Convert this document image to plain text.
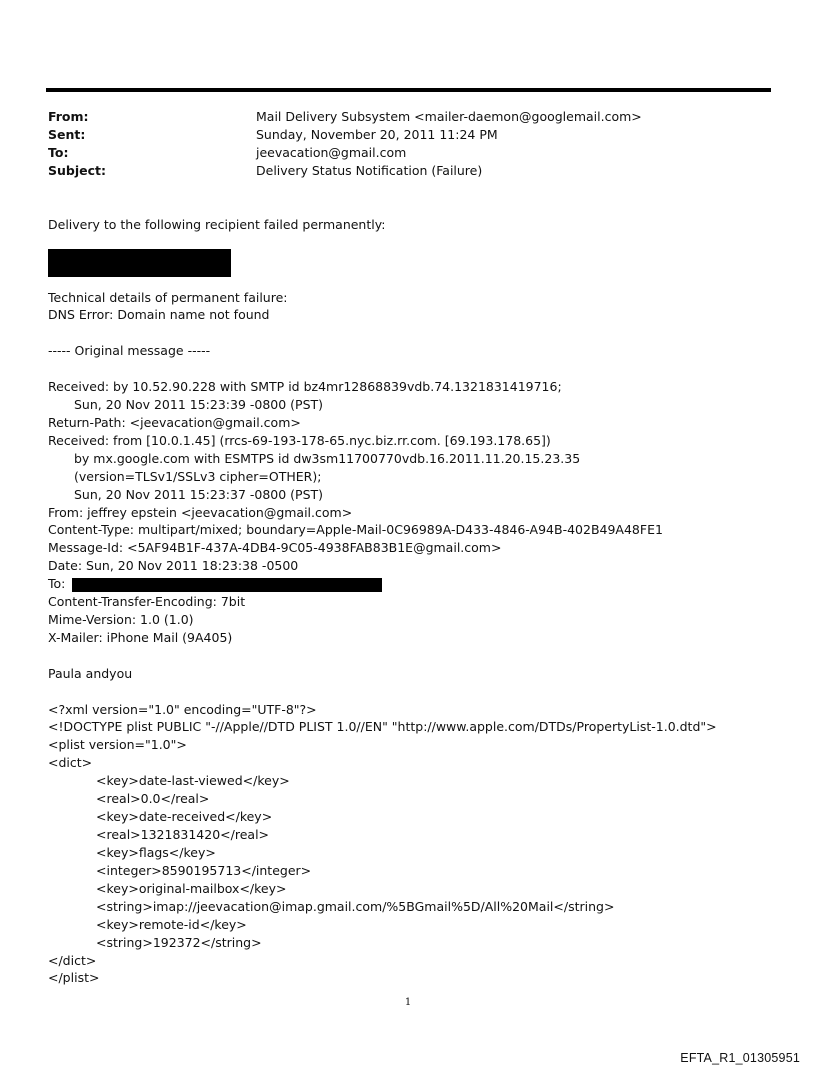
From:	Mail Delivery Subsystem <mailer-daemon@googlemail.com>
Sent:	Sunday, November 20, 2011 11:24 PM
To:	jeevacation@gmail.com
Subject:	Delivery Status Notification (Failure)
Delivery to the following recipient failed permanently:
Technical details of permanent failure:
DNS Error: Domain name not found
----- Original message -----
Received: by 10.52.90.228 with SMTP id bz4mr12868839vdb.74.1321831419716;
Sun, 20 Nov 2011 15:23:39 -0800 (PST)
Return-Path: <jeevacation@gmail.com>
Received: from [10.0.1.45] (rrcs-69-193-178-65.nyc.biz.rr.com. [69.193.178.65])
by mx.google.com with ESMTPS id dw3sm11700770vdb.16.2011.11.20.15.23.35
(version=TLSv1/SSLv3 cipher=OTHER);
Sun, 20 Nov 2011 15:23:37 -0800 (PST)
From: jeffrey epstein <jeevacation@gmail.com>
Content-Type: multipart/mixed; boundary=Apple-Mail-0C96989A-D433-4846-A94B-402B49A48FE1
Message-Id: <5AF94B1F-437A-4DB4-9C05-4938FAB83B1E@gmail.com>
Date: Sun, 20 Nov 2011 18:23:38 -0500
To:
Content-Transfer-Encoding: 7bit
Mime-Version: 1.0 (1.0)
X-Mailer: iPhone Mail (9A405)
Paula andyou
<?xml version="1.0" encoding="UTF-8"?>
<!DOCTYPE plist PUBLIC "-//Apple//DTD PLIST 1.0//EN" "http://www.apple.com/DTDs/PropertyList-1.0.dtd">
<plist version="1.0">
<dict>
<key>date-last-viewed</key>
<real>0.0</real>
<key>date-received</key>
<real>1321831420</real>
<key>flags</key>
<integer>8590195713</integer>
<key>original-mailbox</key>
<string>imap://jeevacation@imap.gmail.com/%5BGmail%5D/All%20Mail</string>
<key>remote-id</key>
<string>192372</string>
</dict>
</plist>
1
EFTA_R1_01305951
